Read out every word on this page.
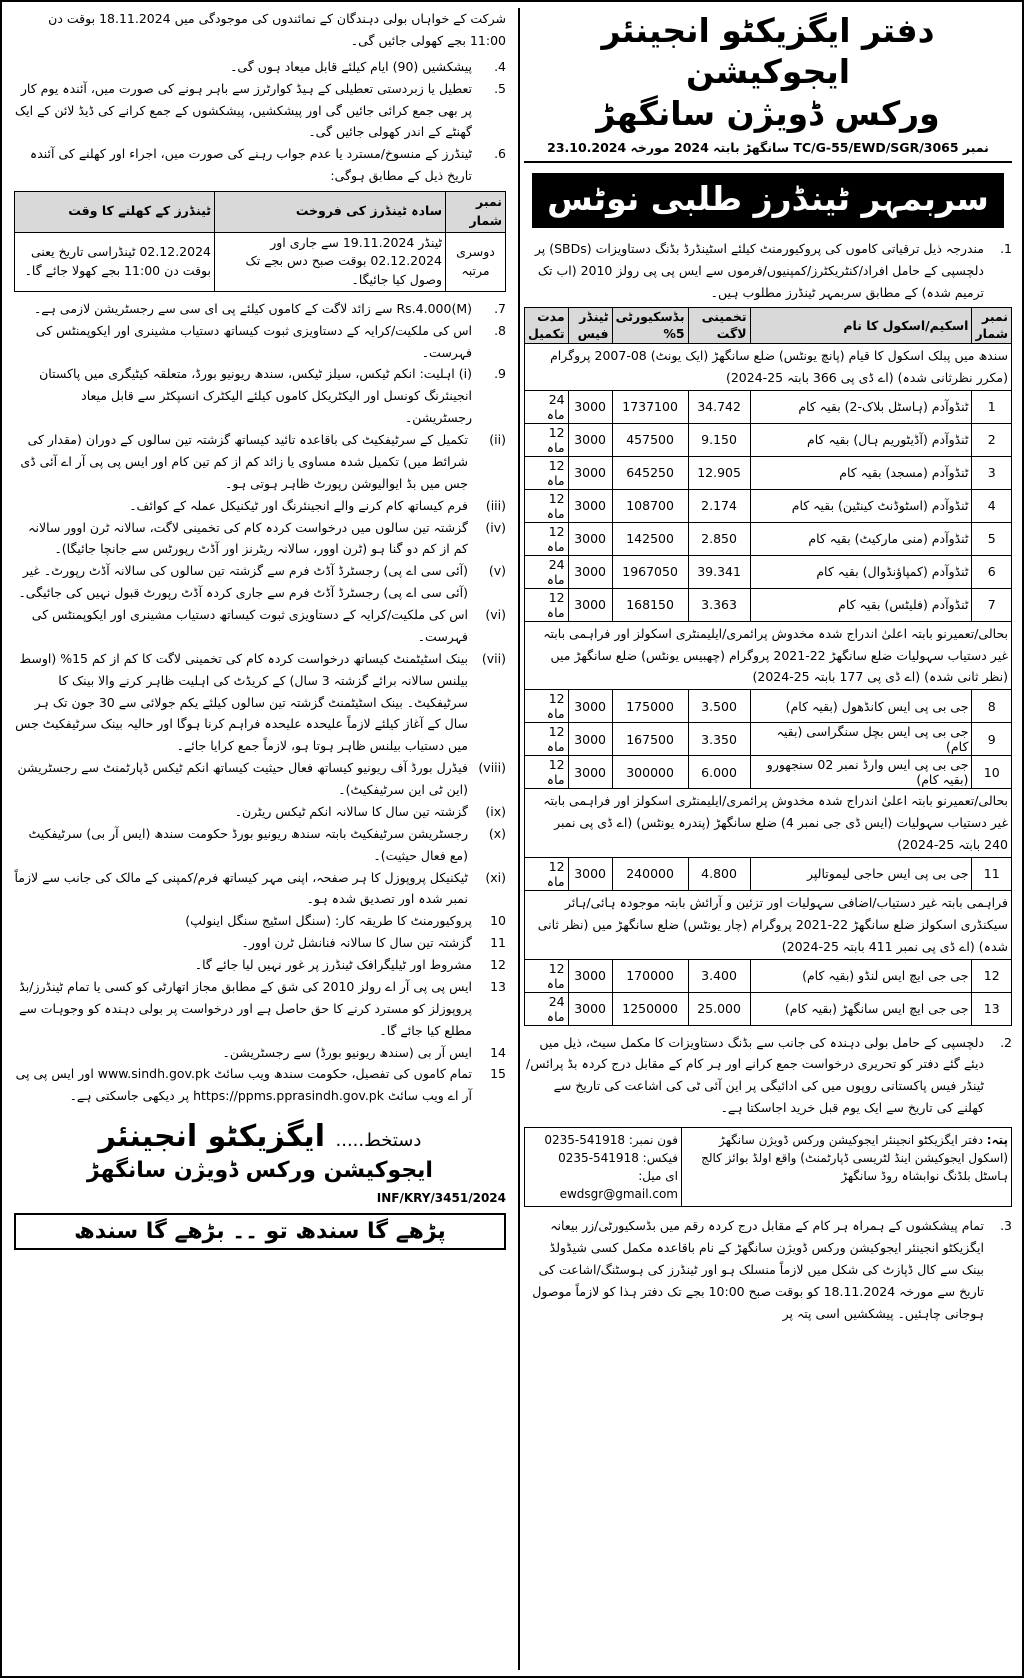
دفتر ایگزیکٹو انجینئر ایجوکیشن
ورکس ڈویژن سانگھڑ
نمبر TC/G-55/EWD/SGR/3065 سانگھڑ بابتہ 2024 مورخہ 23.10.2024
سربمہر ٹینڈرز طلبی نوٹس
1.
مندرجہ ذیل ترقیاتی کاموں کی پروکیورمنٹ کیلئے اسٹینڈرڈ بڈنگ دستاویزات (SBDs) پر دلچسپی کے حامل افراد/کنٹریکٹرز/کمپنیوں/فرموں سے ایس پی پی رولز 2010 (اب تک ترمیم شدہ) کے مطابق سربمہر ٹینڈرز مطلوب ہیں۔
نمبر شمار	اسکیم/اسکول کا نام	تخمینی لاگت	بڈسکیورٹی 5%	ٹینڈر فیس	مدت تکمیل
سندھ میں پبلک اسکول کا قیام (پانچ یونٹس) ضلع سانگھڑ (ایک یونٹ) 08-2007 پروگرام (مکرر نظرثانی شدہ) (اے ڈی پی 366 بابتہ 25-2024)					
1	ٹنڈوآدم (ہاسٹل بلاک-2) بقیہ کام	34.742	1737100	3000	24 ماہ
2	ٹنڈوآدم (آڈیٹوریم ہال) بقیہ کام	9.150	457500	3000	12 ماہ
3	ٹنڈوآدم (مسجد) بقیہ کام	12.905	645250	3000	12 ماہ
4	ٹنڈوآدم (اسٹوڈنٹ کینٹین) بقیہ کام	2.174	108700	3000	12 ماہ
5	ٹنڈوآدم (منی مارکیٹ) بقیہ کام	2.850	142500	3000	12 ماہ
6	ٹنڈوآدم (کمپاؤنڈوال) بقیہ کام	39.341	1967050	3000	24 ماہ
7	ٹنڈوآدم (فلیٹس) بقیہ کام	3.363	168150	3000	12 ماہ
بحالی/تعمیرنو بابتہ اعلیٰ اندراج شدہ مخدوش پرائمری/ایلیمنٹری اسکولز اور فراہمی بابتہ غیر دستیاب سہولیات ضلع سانگھڑ 22-2021 پروگرام (چھبیس یونٹس) ضلع سانگھڑ میں (نظر ثانی شدہ) (اے ڈی پی 177 بابتہ 25-2024)					
8	جی بی پی ایس کانڈھول (بقیہ کام)	3.500	175000	3000	12 ماہ
9	جی بی پی ایس بچل سنگراسی (بقیہ کام)	3.350	167500	3000	12 ماہ
10	جی بی پی ایس وارڈ نمبر 02 سنجھورو (بقیہ کام)	6.000	300000	3000	12 ماہ
بحالی/تعمیرنو بابتہ اعلیٰ اندراج شدہ مخدوش پرائمری/ایلیمنٹری اسکولز اور فراہمی بابتہ غیر دستیاب سہولیات (ایس ڈی جی نمبر 4) ضلع سانگھڑ (پندرہ یونٹس) (اے ڈی پی نمبر 240 بابتہ 25-2024)					
11	جی بی پی ایس حاجی لیموتالپر	4.800	240000	3000	12 ماہ
فراہمی بابتہ غیر دستیاب/اضافی سہولیات اور تزئین و آرائش بابتہ موجودہ ہائی/ہائر سیکنڈری اسکولز ضلع سانگھڑ 22-2021 پروگرام (چار یونٹس) ضلع سانگھڑ میں (نظر ثانی شدہ) (اے ڈی پی نمبر 411 بابتہ 25-2024)					
12	جی جی ایچ ایس لنڈو (بقیہ کام)	3.400	170000	3000	12 ماہ
13	جی جی ایچ ایس سانگھڑ (بقیہ کام)	25.000	1250000	3000	24 ماہ
2.
دلچسپی کے حامل بولی دہندہ کی جانب سے بڈنگ دستاویزات کا مکمل سیٹ، ذیل میں دیئے گئے دفتر کو تحریری درخواست جمع کرانے اور ہر کام کے مقابل درج کردہ بڈ پرائس/ٹینڈر فیس پاکستانی روپوں میں کی ادائیگی پر این آئی ٹی کی اشاعت کی تاریخ سے کھلنے کی تاریخ سے ایک یوم قبل خرید اجاسکتا ہے۔
پتہ: دفتر ایگزیکٹو انجینئر ایجوکیشن ورکس ڈویژن سانگھڑ (اسکول ایجوکیشن اینڈ لٹریسی ڈپارٹمنٹ) واقع اولڈ بوائز کالج ہاسٹل بلڈنگ نوابشاہ روڈ سانگھڑ
فون نمبر: 0235-541918
فیکس: 0235-541918
ای میل: ewdsgr@gmail.com
3.
تمام پیشکشوں کے ہمراہ ہر کام کے مقابل درج کردہ رقم میں بڈسکیورٹی/زر بیعانہ ایگزیکٹو انجینئر ایجوکیشن ورکس ڈویژن سانگھڑ کے نام باقاعدہ مکمل کسی شیڈولڈ بینک سے کال ڈپازٹ کی شکل میں لازماً منسلک ہو اور ٹینڈرز کی ہوسٹنگ/اشاعت کی تاریخ سے مورخہ 18.11.2024 کو بوقت صبح 10:00 بجے تک دفتر ہذا کو لازماً موصول ہوجانی چاہئیں۔ پیشکشیں اسی پتہ پر
شرکت کے خواہاں بولی دہندگان کے نمائندوں کی موجودگی میں 18.11.2024 بوقت دن 11:00 بجے کھولی جائیں گی۔
4.
پیشکشیں (90) ایام کیلئے قابل میعاد ہوں گی۔
5.
تعطیل یا زبردستی تعطیلی کے ہیڈ کوارٹرز سے باہر ہونے کی صورت میں، آئندہ یوم کار پر بھی جمع کرائی جائیں گی اور پیشکشیں، پیشکشوں کے جمع کرانے کی ڈیڈ لائن کے ایک گھنٹے کے اندر کھولی جائیں گی۔
6.
ٹینڈرز کے منسوخ/مسترد یا عدم جواب رہنے کی صورت میں، اجراء اور کھلنے کی آئندہ تاریخ ذیل کے مطابق ہوگی:
نمبر شمار	سادہ ٹینڈرز کی فروخت	ٹینڈرز کے کھلنے کا وقت
دوسری مرتبہ	ٹینڈر 19.11.2024 سے جاری اور 02.12.2024 بوقت صبح دس بجے تک وصول کیا جائیگا۔	02.12.2024 ٹینڈراسی تاریخ یعنی بوقت دن 11:00 بجے کھولا جائے گا۔
7.
Rs.4.000(M) سے زائد لاگت کے کاموں کیلئے پی ای سی سے رجسٹریشن لازمی ہے۔
8.
اس کی ملکیت/کرایہ کے دستاویزی ثبوت کیساتھ دستیاب مشینری اور ایکوپمنٹس کی فہرست۔
9.
(i) اہلیت: انکم ٹیکس، سیلز ٹیکس، سندھ ریونیو بورڈ، متعلقہ کیٹیگری میں پاکستان انجینئرنگ کونسل اور الیکٹریکل کاموں کیلئے الیکٹرک انسپکٹر سے قابل میعاد رجسٹریشن۔
(ii)
تکمیل کے سرٹیفکیٹ کی باقاعدہ تائید کیساتھ گزشتہ تین سالوں کے دوران (مقدار کی شرائط میں) تکمیل شدہ مساوی یا زائد کم از کم تین کام اور ایس پی پی آر اے آئی ڈی جس میں بڈ ایوالیوشن رپورٹ ظاہر ہوتی ہو۔
(iii)
فرم کیساتھ کام کرنے والے انجینئرنگ اور ٹیکنیکل عملہ کے کوائف۔
(iv)
گزشتہ تین سالوں میں درخواست کردہ کام کی تخمینی لاگت، سالانہ ٹرن اوور سالانہ کم از کم دو گنا ہو (ٹرن اوور، سالانہ ریٹرنز اور آڈٹ رپورٹس سے جانچا جائیگا)۔
(v)
(آئی سی اے پی) رجسٹرڈ آڈٹ فرم سے گزشتہ تین سالوں کی سالانہ آڈٹ رپورٹ۔ غیر (آئی سی اے پی) رجسٹرڈ آڈٹ فرم سے جاری کردہ آڈٹ رپورٹ قبول نہیں کی جائیگی۔
(vi)
اس کی ملکیت/کرایہ کے دستاویزی ثبوت کیساتھ دستیاب مشینری اور ایکوپمنٹس کی فہرست۔
(vii)
بینک اسٹیٹمنٹ کیساتھ درخواست کردہ کام کی تخمینی لاگت کا کم از کم 15% (اوسط بیلنس سالانہ برائے گزشتہ 3 سال) کے کریڈٹ کی اہلیت ظاہر کرنے والا بینک کا سرٹیفکیٹ۔ بینک اسٹیٹمنٹ گزشتہ تین سالوں کیلئے یکم جولائی سے 30 جون تک ہر سال کے آغاز کیلئے لازماً علیحدہ علیحدہ فراہم کرنا ہوگا اور حالیہ بینک سرٹیفکیٹ جس میں دستیاب بیلنس ظاہر ہوتا ہو، لازماً جمع کرایا جائے۔
(viii)
فیڈرل بورڈ آف ریونیو کیساتھ فعال حیثیت کیساتھ انکم ٹیکس ڈپارٹمنٹ سے رجسٹریشن (این ٹی این سرٹیفکیٹ)۔
(ix)
گزشتہ تین سال کا سالانہ انکم ٹیکس ریٹرن۔
(x)
رجسٹریشن سرٹیفکیٹ بابتہ سندھ ریونیو بورڈ حکومت سندھ (ایس آر بی) سرٹیفکیٹ (مع فعال حیثیت)۔
(xi)
ٹیکنیکل پروپوزل کا ہر صفحہ، اپنی مہر کیساتھ فرم/کمپنی کے مالک کی جانب سے لازماً نمبر شدہ اور تصدیق شدہ ہو۔
10
پروکیورمنٹ کا طریقہ کار: (سنگل اسٹیج سنگل اینولپ)
11
گزشتہ تین سال کا سالانہ فنانشل ٹرن اوور۔
12
مشروط اور ٹیلیگرافک ٹینڈرز پر غور نہیں لیا جائے گا۔
13
ایس پی پی آر اے رولز 2010 کی شق کے مطابق مجاز اتھارٹی کو کسی یا تمام ٹینڈرز/بڈ پروپوزلز کو مسترد کرنے کا حق حاصل ہے اور درخواست پر بولی دہندہ کو وجوہات سے مطلع کیا جائے گا۔
14
ایس آر بی (سندھ ریونیو بورڈ) سے رجسٹریشن۔
15
تمام کاموں کی تفصیل، حکومت سندھ ویب سائٹ www.sindh.gov.pk اور ایس پی پی آر اے ویب سائٹ https://ppms.pprasindh.gov.pk پر دیکھی جاسکتی ہے۔
دستخط..... ایگزیکٹو انجینئر
ایجوکیشن ورکس ڈویژن سانگھڑ
INF/KRY/3451/2024
پڑھے گا سندھ تو ۔۔ بڑھے گا سندھ
